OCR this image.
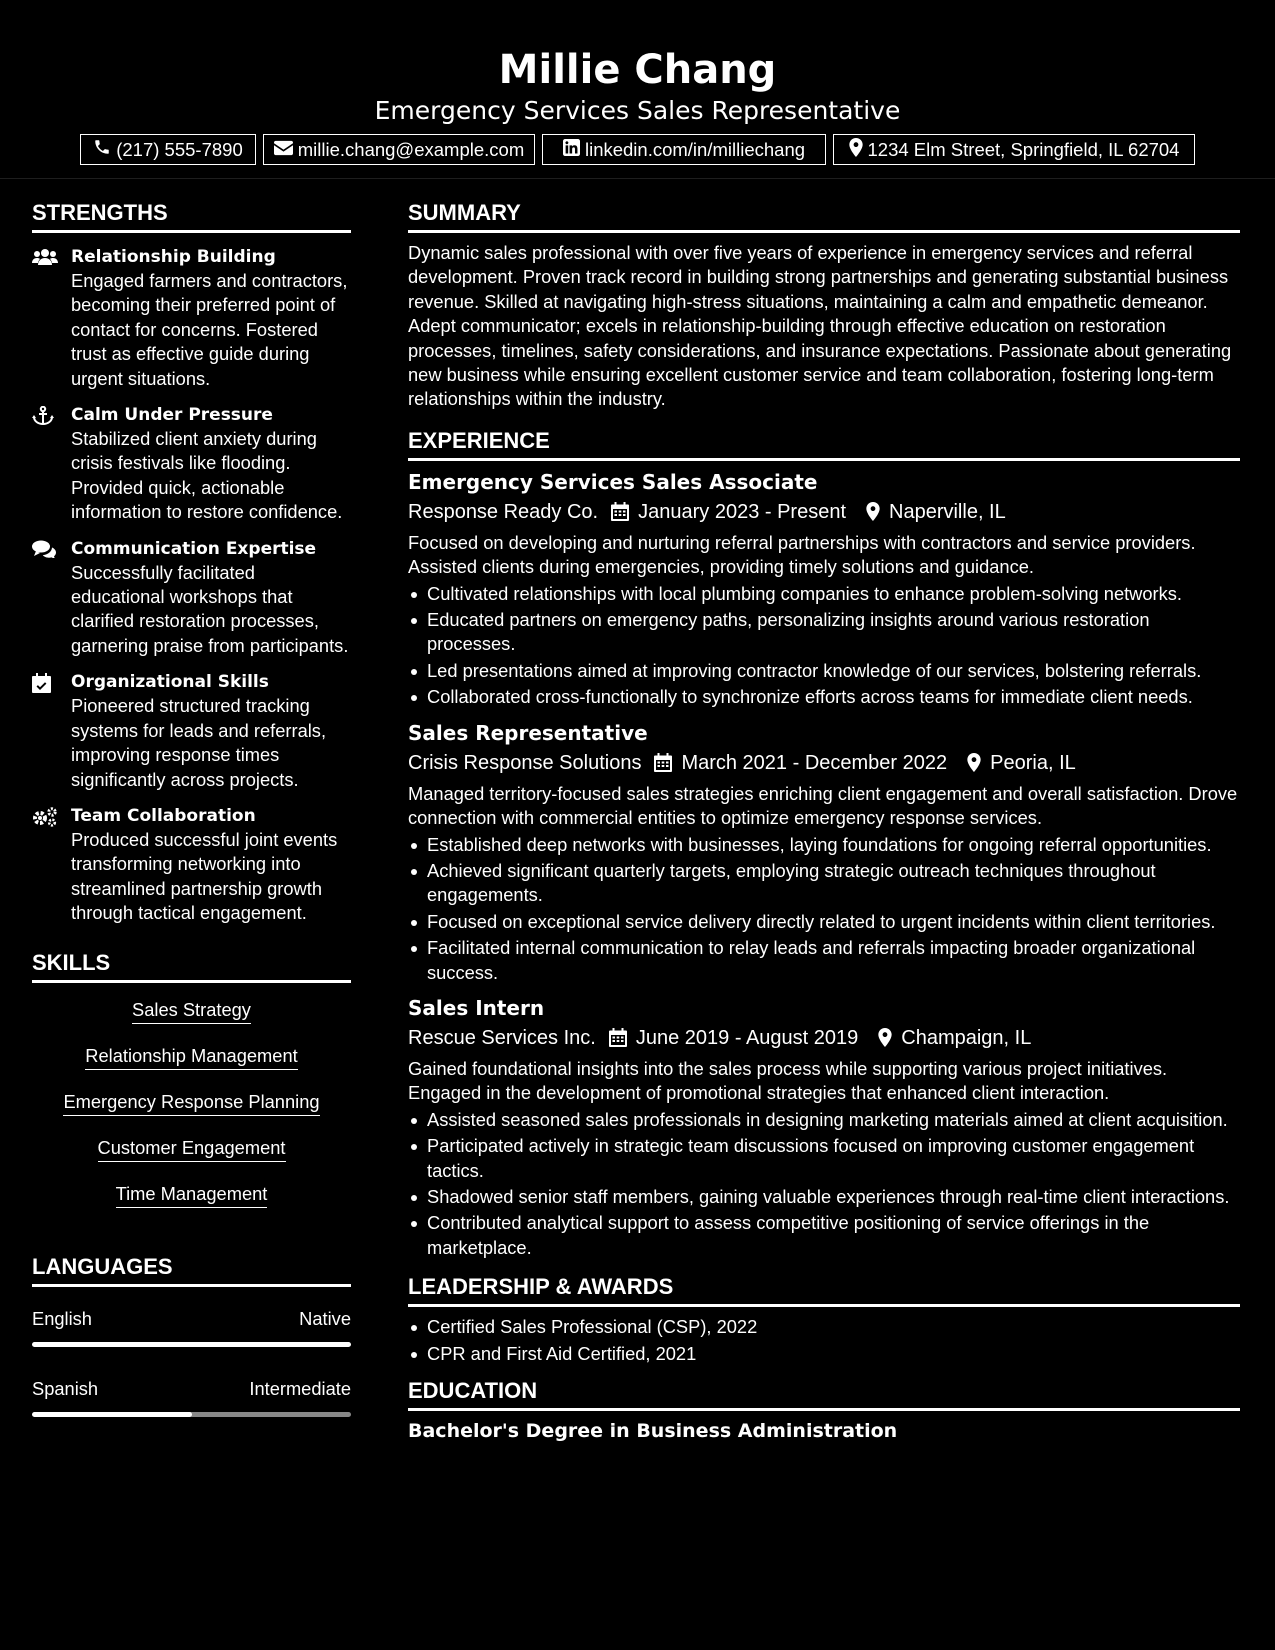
Millie Chang
Emergency Services Sales Representative
(217) 555-7890	millie.chang@example.com	linkedin.com/in/milliechang	1234 Elm Street, Springfield, IL 62704
STRENGTHS
Relationship Building
Engaged farmers and contractors, becoming their preferred point of contact for concerns. Fostered trust as effective guide during urgent situations.
Calm Under Pressure
Stabilized client anxiety during crisis festivals like flooding. Provided quick, actionable information to restore confidence.
Communication Expertise
Successfully facilitated educational workshops that clarified restoration processes, garnering praise from participants.
Organizational Skills
Pioneered structured tracking systems for leads and referrals, improving response times significantly across projects.
Team Collaboration
Produced successful joint events transforming networking into streamlined partnership growth through tactical engagement.
SKILLS
Sales Strategy
Relationship Management
Emergency Response Planning
Customer Engagement
Time Management
LANGUAGES
English	Native
Spanish	Intermediate
SUMMARY
Dynamic sales professional with over five years of experience in emergency services and referral development. Proven track record in building strong partnerships and generating substantial business revenue. Skilled at navigating high-stress situations, maintaining a calm and empathetic demeanor. Adept communicator; excels in relationship-building through effective education on restoration processes, timelines, safety considerations, and insurance expectations. Passionate about generating new business while ensuring excellent customer service and team collaboration, fostering long-term relationships within the industry.
EXPERIENCE
Emergency Services Sales Associate
Response Ready Co. January 2023 - Present Naperville, IL
Focused on developing and nurturing referral partnerships with contractors and service providers. Assisted clients during emergencies, providing timely solutions and guidance.
Cultivated relationships with local plumbing companies to enhance problem-solving networks.
Educated partners on emergency paths, personalizing insights around various restoration processes.
Led presentations aimed at improving contractor knowledge of our services, bolstering referrals.
Collaborated cross-functionally to synchronize efforts across teams for immediate client needs.
Sales Representative
Crisis Response Solutions March 2021 - December 2022 Peoria, IL
Managed territory-focused sales strategies enriching client engagement and overall satisfaction. Drove connection with commercial entities to optimize emergency response services.
Established deep networks with businesses, laying foundations for ongoing referral opportunities.
Achieved significant quarterly targets, employing strategic outreach techniques throughout engagements.
Focused on exceptional service delivery directly related to urgent incidents within client territories.
Facilitated internal communication to relay leads and referrals impacting broader organizational success.
Sales Intern
Rescue Services Inc. June 2019 - August 2019 Champaign, IL
Gained foundational insights into the sales process while supporting various project initiatives. Engaged in the development of promotional strategies that enhanced client interaction.
Assisted seasoned sales professionals in designing marketing materials aimed at client acquisition.
Participated actively in strategic team discussions focused on improving customer engagement tactics.
Shadowed senior staff members, gaining valuable experiences through real-time client interactions.
Contributed analytical support to assess competitive positioning of service offerings in the marketplace.
LEADERSHIP & AWARDS
Certified Sales Professional (CSP), 2022
CPR and First Aid Certified, 2021
EDUCATION
Bachelor's Degree in Business Administration
